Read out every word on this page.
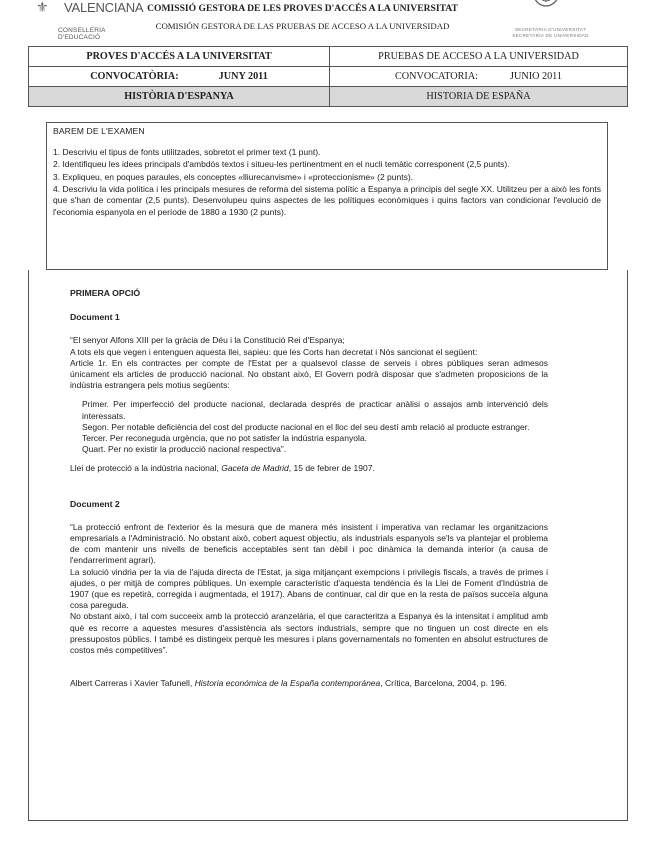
⚜ VALENCIANA
CONSELLERIA D'EDUCACIÓ
COMISSIÓ GESTORA DE LES PROVES D'ACCÉS A LA UNIVERSITAT
COMISIÓN GESTORA DE LAS PRUEBAS DE ACCESO A LA UNIVERSIDAD	SECRETARIA D'UNIVERSITAT
SECRETARÍA DE UNIVERSIDAD
PROVES D'ACCÉS A LA UNIVERSITAT	PRUEBAS DE ACCESO A LA UNIVERSIDAD
CONVOCATÒRIA: JUNY 2011	CONVOCATORIA: JUNIO 2011
HISTÒRIA D'ESPANYA	HISTORIA DE ESPAÑA
BAREM DE L'EXAMEN

1. Descriviu el tipus de fonts utilitzades, sobretot el primer text (1 punt).

2. Identifiqueu les idees principals d'ambdós textos i situeu-les pertinentment en el nucli temàtic corresponent (2,5 punts).

3. Expliqueu, en poques paraules, els conceptes «lliurecanvisme» i «proteccionisme» (2 punts).

4. Descriviu la vida política i les principals mesures de reforma del sistema polític a Espanya a principis del segle XX. Utilitzeu per a això les fonts que s'han de comentar (2,5 punts). Desenvolupeu quins aspectes de les polítiques econòmiques i quins factors van condicionar l'evolució de l'economia espanyola en el període de 1880 a 1930 (2 punts).

PRIMERA OPCIÓ
Document 1

“El senyor Alfons XIII per la gràcia de Déu i la Constitució Rei d'Espanya;

A tots els que vegen i entenguen aquesta llei, sapieu: que les Corts han decretat i Nós sancionat el següent:

Article 1r. En els contractes per compte de l'Estat per a qualsevol classe de serveis i obres públiques seran admesos únicament els articles de producció nacional. No obstant això, El Govern podrà disposar que s'admeten proposicions de la indústria estrangera pels motius següents:

Primer. Per imperfecció del producte nacional, declarada després de practicar anàlisi o assajos amb intervenció dels interessats.

Segon. Per notable deficiència del cost del producte nacional en el lloc del seu destí amb relació al producte estranger.

Tercer. Per reconeguda urgència, que no pot satisfer la indústria espanyola.

Quart. Per no existir la producció nacional respectiva”.

Llei de protecció a la indústria nacional, Gaceta de Madrid, 15 de febrer de 1907.

Document 2

“La protecció enfront de l'exterior és la mesura que de manera més insistent i imperativa van reclamar les organitzacions empresarials a l'Administració. No obstant això, cobert aquest objectiu, als industrials espanyols se'ls va plantejar el problema de com mantenir uns nivells de beneficis acceptables sent tan dèbil i poc dinàmica la demanda interior (a causa de l'endarreriment agrari).

La solució vindria per la via de l'ajuda directa de l'Estat, ja siga mitjançant exempcions i privilegis fiscals, a través de primes i ajudes, o per mitjà de compres públiques. Un exemple característic d'aquesta tendència és la Llei de Foment d'Indústria de 1907 (que es repetirà, corregida i augmentada, el 1917). Abans de continuar, cal dir que en la resta de països succeïa alguna cosa pareguda.

No obstant això, i tal com succeeix amb la protecció aranzelària, el que caracteritza a Espanya és la intensitat i amplitud amb què es recorre a aquestes mesures d'assistència als sectors industrials, sempre que no tinguen un cost directe en els pressupostos públics. I també es distingeix perquè les mesures i plans governamentals no fomenten en absolut estructures de costos més competitives”.

Albert Carreras i Xavier Tafunell, Historia económica de la España contemporánea, Crítica, Barcelona, 2004, p. 196.
